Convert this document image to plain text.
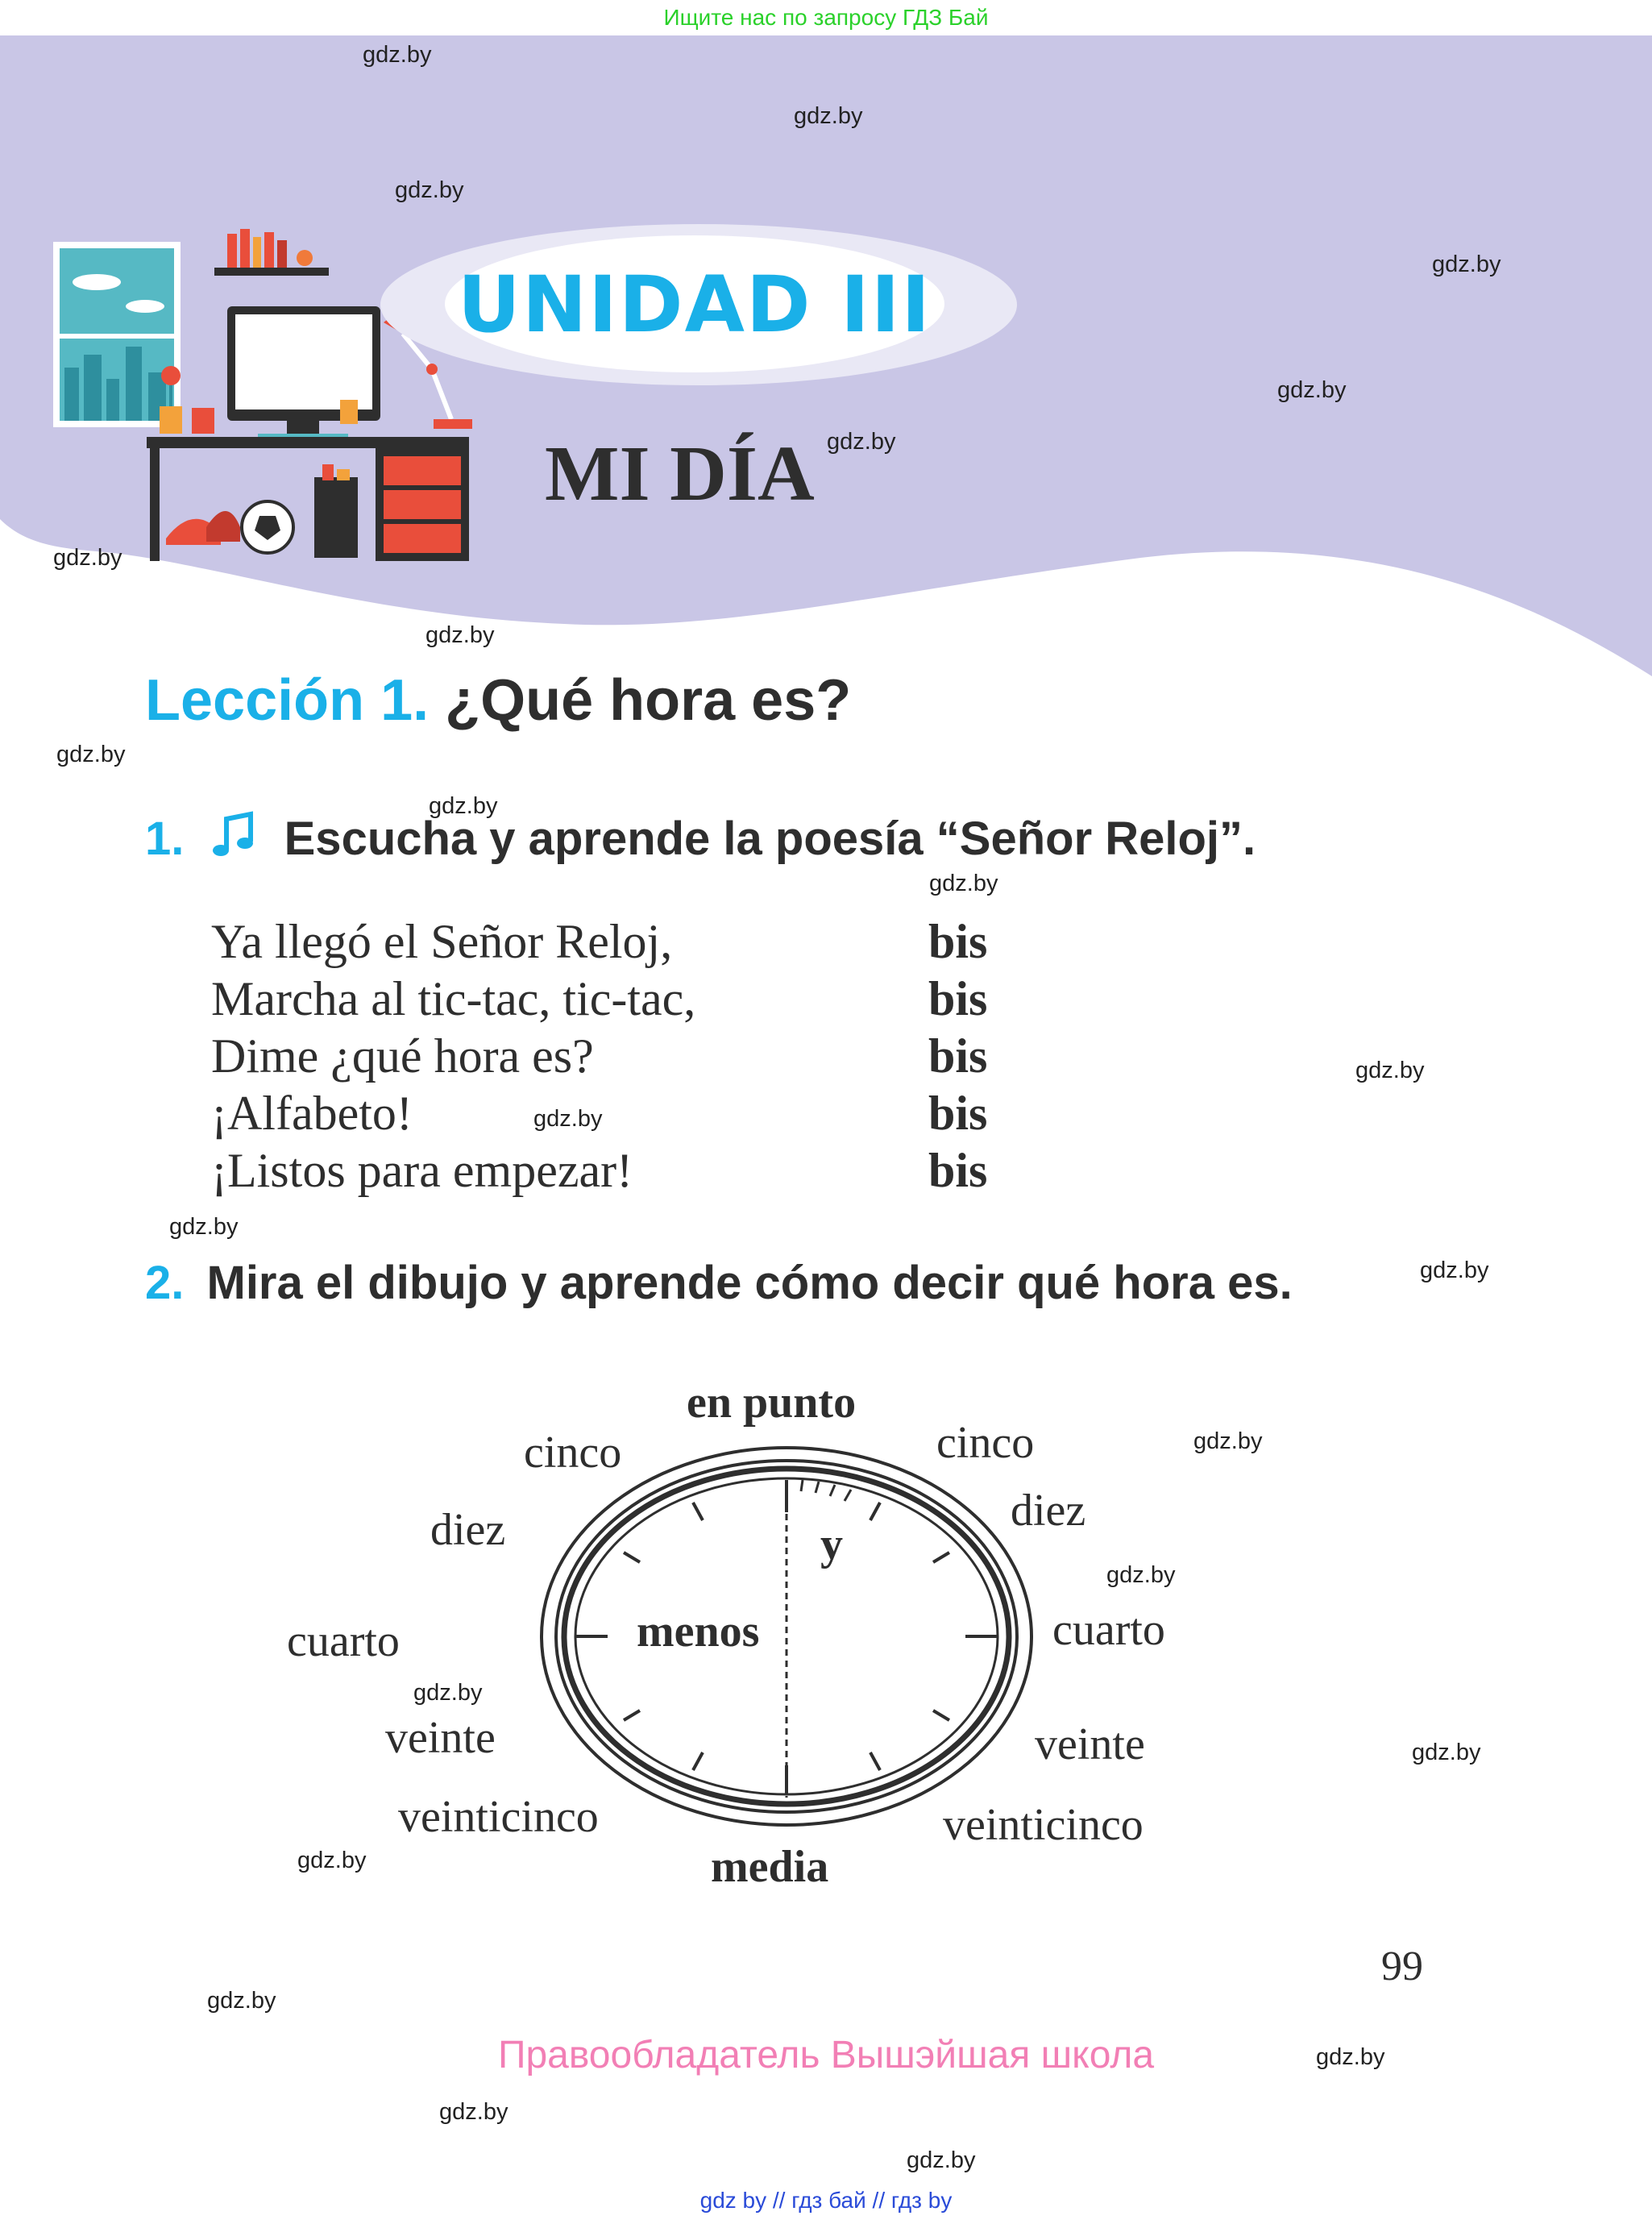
Ищите нас по запросу ГДЗ Бай
UNIDAD III
MI DÍA
Lección 1. ¿Qué hora es?
1. Escucha y aprende la poesía “Señor Reloj”.
Ya llegó el Señor Reloj,	bis
Marcha al tic-tac, tic-tac,	bis
Dime ¿qué hora es?	bis
¡Alfabeto!	bis
¡Listos para empezar!	bis
2. Mira el dibujo y aprende cómo decir qué hora es.
en punto
media
menos
y
cinco
diez
cuarto
veinte
veinticinco
cinco
diez
cuarto
veinte
veinticinco
99
Правообладатель Вышэйшая школа
gdz by // гдз бай // гдз by
gdz.by
gdz.by
gdz.by
gdz.by
gdz.by
gdz.by
gdz.by
gdz.by
gdz.by
gdz.by
gdz.by
gdz.by
gdz.by
gdz.by
gdz.by
gdz.by
gdz.by
gdz.by
gdz.by
gdz.by
gdz.by
gdz.by
gdz.by
gdz.by
